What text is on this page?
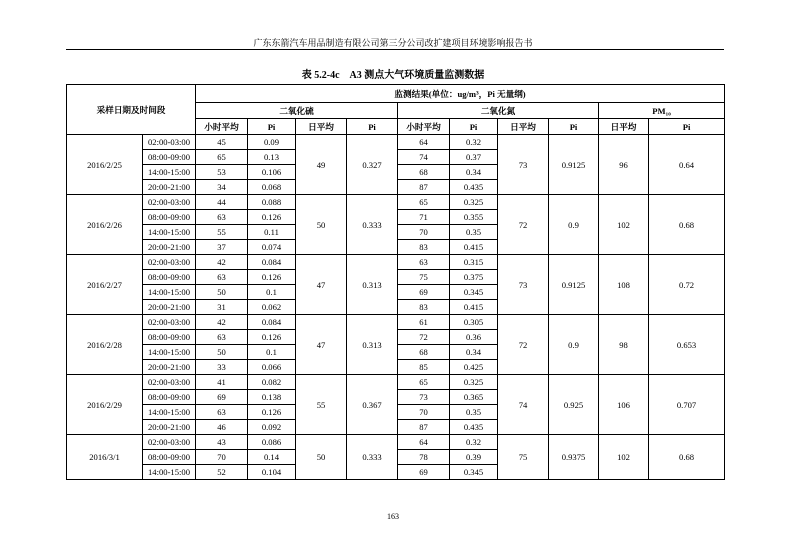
广东东箭汽车用品制造有限公司第三分公司改扩建项目环境影响报告书
表 5.2-4c　A3 测点大气环境质量监测数据
采样日期及时间段		监测结果(单位：ug/m³，Pi 无量纲)									
		二氧化硫				二氧化氮				PM₁₀	
		小时平均	Pi	日平均	Pi	小时平均	Pi	日平均	Pi	日平均	Pi
2016/2/25	02:00-03:00	45	0.09	49	0.327	64	0.32	73	0.9125	96	0.64
	08:00-09:00	65	0.13			74	0.37				
	14:00-15:00	53	0.106			68	0.34				
	20:00-21:00	34	0.068			87	0.435				
2016/2/26	02:00-03:00	44	0.088	50	0.333	65	0.325	72	0.9	102	0.68
	08:00-09:00	63	0.126			71	0.355				
	14:00-15:00	55	0.11			70	0.35				
	20:00-21:00	37	0.074			83	0.415				
2016/2/27	02:00-03:00	42	0.084	47	0.313	63	0.315	73	0.9125	108	0.72
	08:00-09:00	63	0.126			75	0.375				
	14:00-15:00	50	0.1			69	0.345				
	20:00-21:00	31	0.062			83	0.415				
2016/2/28	02:00-03:00	42	0.084	47	0.313	61	0.305	72	0.9	98	0.653
	08:00-09:00	63	0.126			72	0.36				
	14:00-15:00	50	0.1			68	0.34				
	20:00-21:00	33	0.066			85	0.425				
2016/2/29	02:00-03:00	41	0.082	55	0.367	65	0.325	74	0.925	106	0.707
	08:00-09:00	69	0.138			73	0.365				
	14:00-15:00	63	0.126			70	0.35				
	20:00-21:00	46	0.092			87	0.435				
2016/3/1	02:00-03:00	43	0.086	50	0.333	64	0.32	75	0.9375	102	0.68
	08:00-09:00	70	0.14			78	0.39				
	14:00-15:00	52	0.104			69	0.345				
163
